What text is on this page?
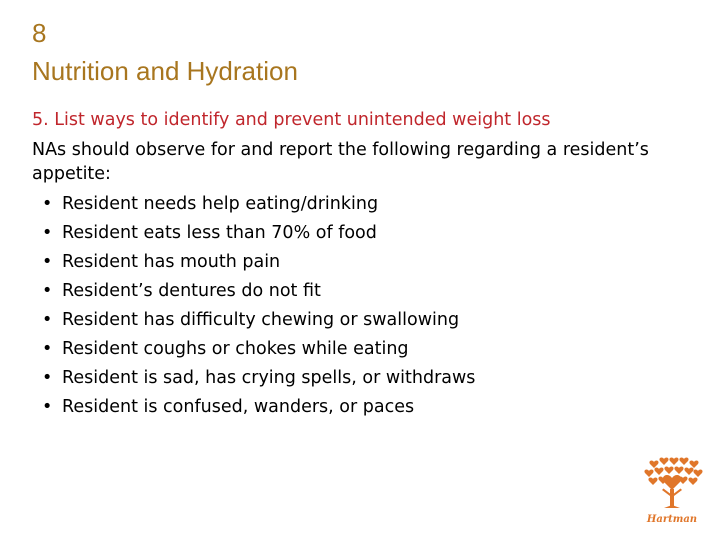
8
Nutrition and Hydration
5. List ways to identify and prevent unintended weight loss
NAs should observe for and report the following regarding a resident’s appetite:
• Resident needs help eating/drinking
• Resident eats less than 70% of food
• Resident has mouth pain
• Resident’s dentures do not fit
• Resident has difficulty chewing or swallowing
• Resident coughs or chokes while eating
• Resident is sad, has crying spells, or withdraws
• Resident is confused, wanders, or paces
Hartman
